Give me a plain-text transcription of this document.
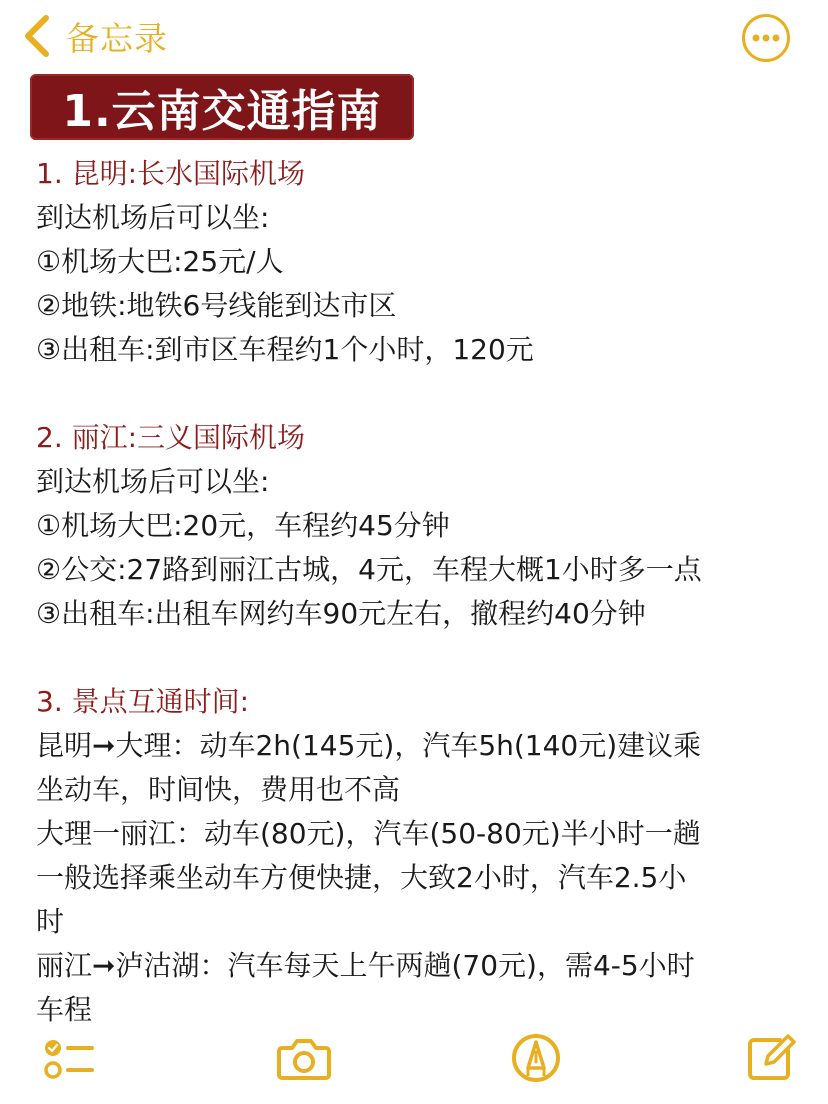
备忘录
1.云南交通指南
1. 昆明:长水国际机场
到达机场后可以坐:
①机场大巴:25元/人
②地铁:地铁6号线能到达市区
③出租车:到市区车程约1个小时，120元
2. 丽江:三义国际机场
到达机场后可以坐:
①机场大巴:20元，车程约45分钟
②公交:27路到丽江古城，4元，车程大概1小时多一点
③出租车:出租车网约车90元左右，撤程约40分钟
3. 景点互通时间:
昆明➞大理：动车2h(145元)，汽车5h(140元)建议乘
坐动车，时间快，费用也不高
大理一丽江：动车(80元)，汽车(50-80元)半小时一趟
一般选择乘坐动车方便快捷，大致2小时，汽车2.5小
时
丽江➞泸沽湖：汽车每天上午两趟(70元)，需4-5小时
车程
